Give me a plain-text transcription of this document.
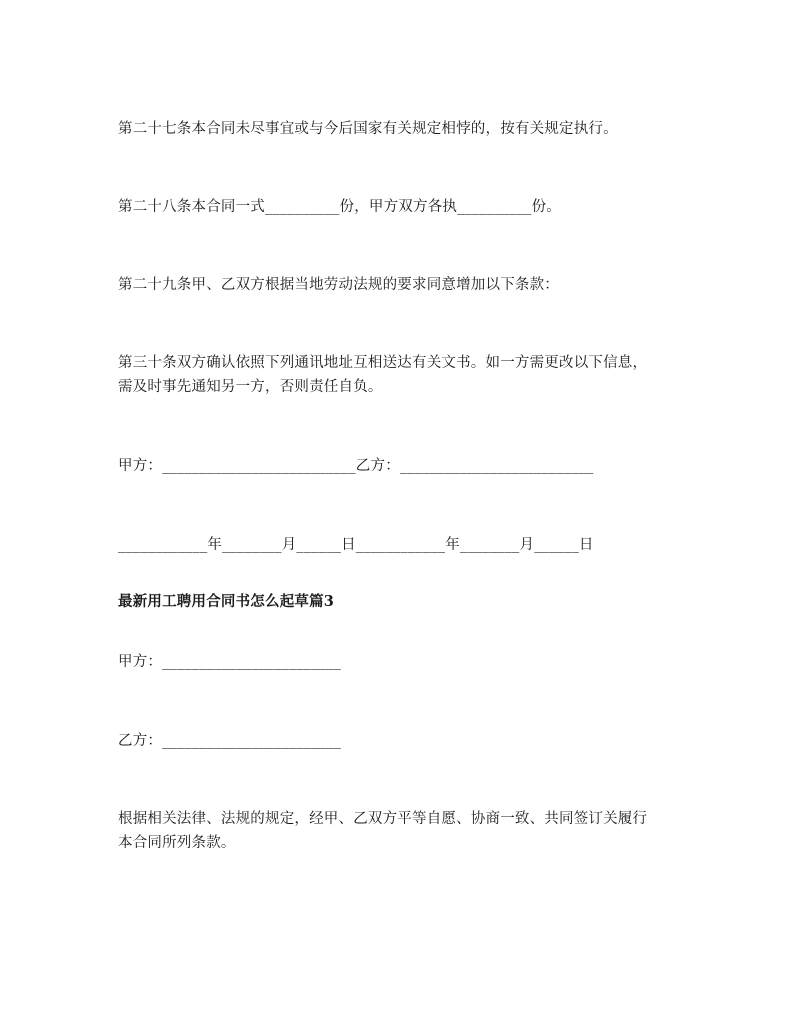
第二十七条本合同未尽事宜或与今后国家有关规定相悖的，按有关规定执行。
第二十八条本合同一式__________份，甲方双方各执__________份。
第二十九条甲、乙双方根据当地劳动法规的要求同意增加以下条款：
第三十条双方确认依照下列通讯地址互相送达有关文书。如一方需更改以下信息，
需及时事先通知另一方，否则责任自负。
甲方：__________________________乙方：__________________________
____________年________月______日____________年________月______日
最新用工聘用合同书怎么起草篇3
甲方：________________________
乙方：________________________
根据相关法律、法规的规定，经甲、乙双方平等自愿、协商一致、共同签订关履行
本合同所列条款。
